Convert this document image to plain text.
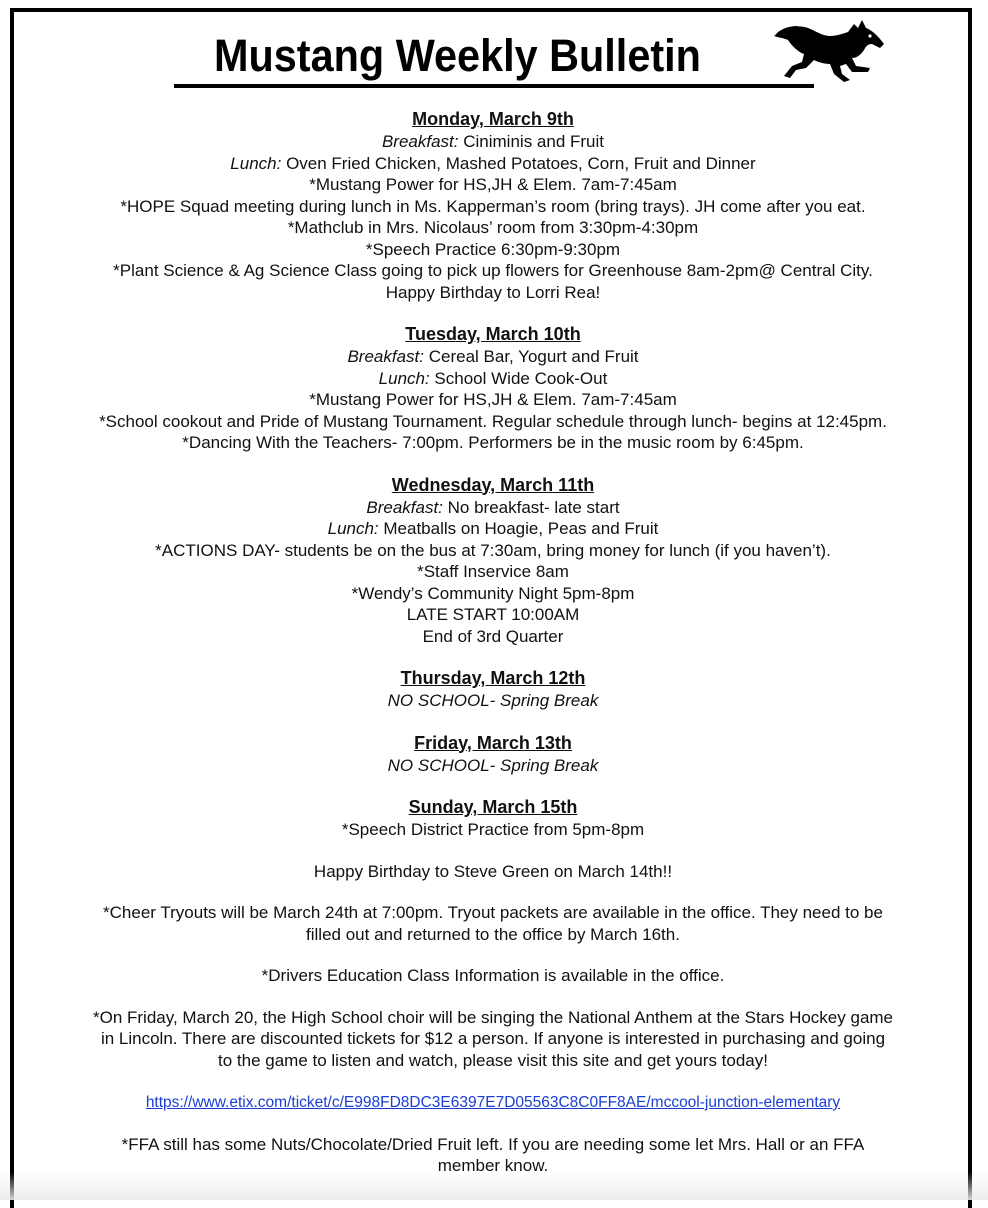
Mustang Weekly Bulletin
Monday, March 9th
Breakfast: Ciniminis and Fruit
Lunch: Oven Fried Chicken, Mashed Potatoes, Corn, Fruit and Dinner
*Mustang Power for HS,JH & Elem. 7am-7:45am
*HOPE Squad meeting during lunch in Ms. Kapperman’s room (bring trays). JH come after you eat.
*Mathclub in Mrs. Nicolaus’ room from 3:30pm-4:30pm
*Speech Practice 6:30pm-9:30pm
*Plant Science & Ag Science Class going to pick up flowers for Greenhouse 8am-2pm@ Central City.
Happy Birthday to Lorri Rea!
Tuesday, March 10th
Breakfast: Cereal Bar, Yogurt and Fruit
Lunch: School Wide Cook-Out
*Mustang Power for HS,JH & Elem. 7am-7:45am
*School cookout and Pride of Mustang Tournament. Regular schedule through lunch- begins at 12:45pm.
*Dancing With the Teachers- 7:00pm. Performers be in the music room by 6:45pm.
Wednesday, March 11th
Breakfast: No breakfast- late start
Lunch: Meatballs on Hoagie, Peas and Fruit
*ACTIONS DAY- students be on the bus at 7:30am, bring money for lunch (if you haven’t).
*Staff Inservice 8am
*Wendy’s Community Night 5pm-8pm
LATE START 10:00AM
End of 3rd Quarter
Thursday, March 12th
NO SCHOOL- Spring Break
Friday, March 13th
NO SCHOOL- Spring Break
Sunday, March 15th
*Speech District Practice from 5pm-8pm
Happy Birthday to Steve Green on March 14th!!
*Cheer Tryouts will be March 24th at 7:00pm. Tryout packets are available in the office. They need to be
filled out and returned to the office by March 16th.
*Drivers Education Class Information is available in the office.
*On Friday, March 20, the High School choir will be singing the National Anthem at the Stars Hockey game
in Lincoln. There are discounted tickets for $12 a person. If anyone is interested in purchasing and going
to the game to listen and watch, please visit this site and get yours today!
https://www.etix.com/ticket/c/E998FD8DC3E6397E7D05563C8C0FF8AE/mccool-junction-elementary
*FFA still has some Nuts/Chocolate/Dried Fruit left. If you are needing some let Mrs. Hall or an FFA
member know.
